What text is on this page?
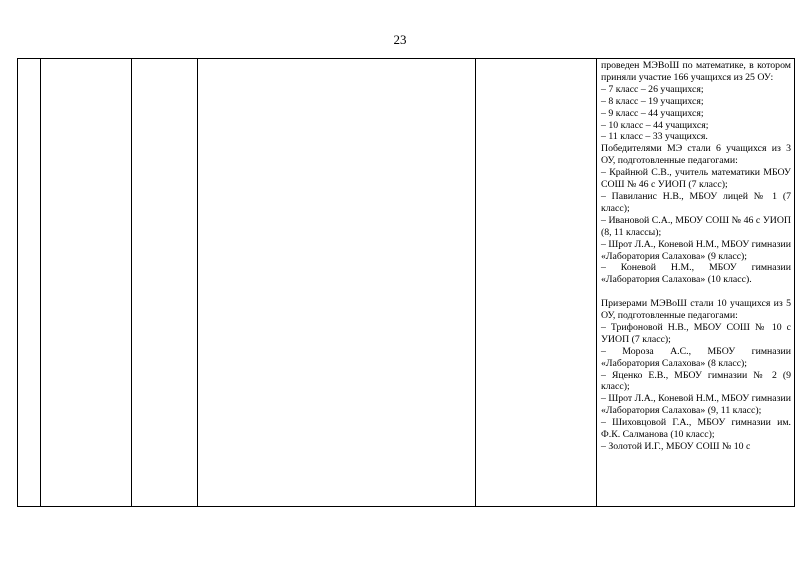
23

проведен МЭВоШ по математике, в котором приняли участие 166 учащихся из 25 ОУ:
– 7 класс – 26 учащихся;
– 8 класс – 19 учащихся;
– 9 класс – 44 учащихся;
– 10 класс – 44 учащихся;
– 11 класс – 33 учащихся.
Победителями МЭ стали 6 учащихся из 3 ОУ, подготовленные педагогами:
– Крайнюй С.В., учитель математики МБОУ СОШ № 46 с УИОП (7 класс);
– Павиланис Н.В., МБОУ лицей № 1 (7 класс);
– Ивановой С.А., МБОУ СОШ № 46 с УИОП (8, 11 классы);
– Шрот Л.А., Коневой Н.М., МБОУ гимназии «Лаборатория Салахова» (9 класс);
– Коневой Н.М., МБОУ гимназии «Лаборатория Салахова» (10 класс).
Призерами МЭВоШ стали 10 учащихся из 5 ОУ, подготовленные педагогами:
– Трифоновой Н.В., МБОУ СОШ № 10 с УИОП (7 класс);
– Мороза А.С., МБОУ гимназии «Лаборатория Салахова» (8 класс);
– Яценко Е.В., МБОУ гимназии № 2 (9 класс);
– Шрот Л.А., Коневой Н.М., МБОУ гимназии «Лаборатория Салахова» (9, 11 класс);
– Шиховцовой Г.А., МБОУ гимназии им. Ф.К. Салманова (10 класс);
– Золотой И.Г., МБОУ СОШ № 10 с
